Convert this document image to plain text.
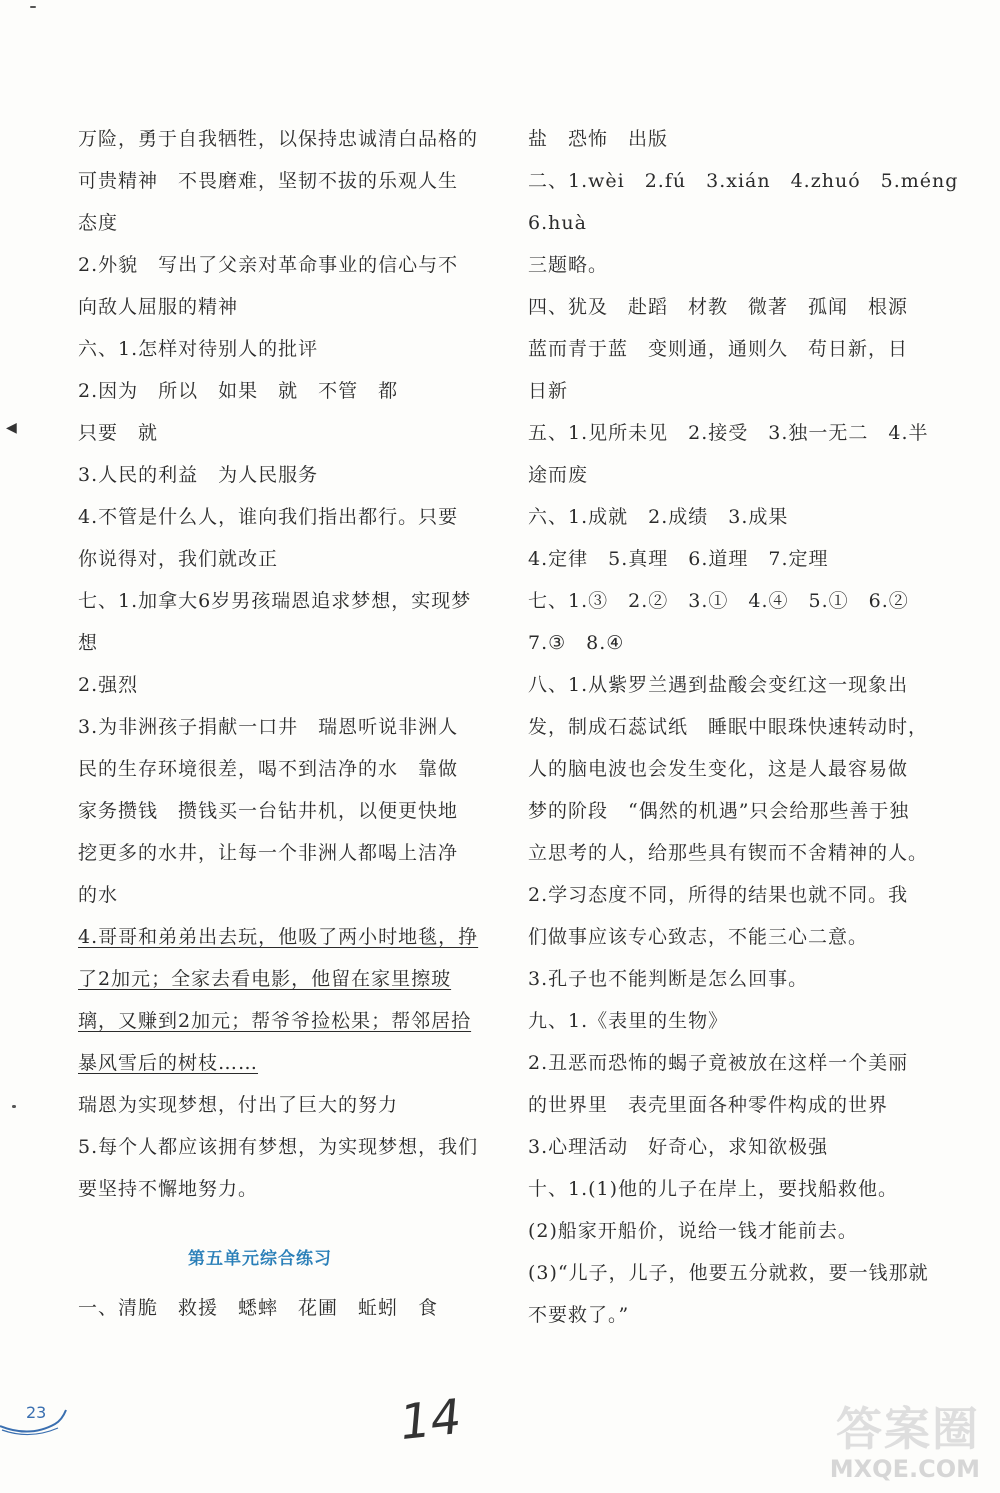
万险，勇于自我牺牲，以保持忠诚清白品格的
可贵精神　不畏磨难，坚韧不拔的乐观人生
态度
2.外貌　写出了父亲对革命事业的信心与不
向敌人屈服的精神
六、1.怎样对待别人的批评
2.因为　所以　如果　就　不管　都
只要　就
3.人民的利益　为人民服务
4.不管是什么人，谁向我们指出都行。只要
你说得对，我们就改正
七、1.加拿大6岁男孩瑞恩追求梦想，实现梦
想
2.强烈
3.为非洲孩子捐献一口井　瑞恩听说非洲人
民的生存环境很差，喝不到洁净的水　靠做
家务攒钱　攒钱买一台钻井机，以便更快地
挖更多的水井，让每一个非洲人都喝上洁净
的水
4.哥哥和弟弟出去玩，他吸了两小时地毯，挣
了2加元；全家去看电影，他留在家里擦玻
璃，又赚到2加元；帮爷爷捡松果；帮邻居拾
暴风雪后的树枝……
瑞恩为实现梦想，付出了巨大的努力
5.每个人都应该拥有梦想，为实现梦想，我们
要坚持不懈地努力。
一、清脆　救援　蟋蟀　花圃　蚯蚓　食
盐　恐怖　出版
二、1.wèi　2.fú　3.xián　4.zhuó　5.méng
6.huà
三题略。
四、犹及　赴蹈　材教　微著　孤闻　根源
蓝而青于蓝　变则通，通则久　苟日新，日
日新
五、1.见所未见　2.接受　3.独一无二　4.半
途而废
六、1.成就　2.成绩　3.成果
4.定律　5.真理　6.道理　7.定理
七、1.③　2.②　3.①　4.④　5.①　6.②
7.③　8.④
八、1.从紫罗兰遇到盐酸会变红这一现象出
发，制成石蕊试纸　睡眠中眼珠快速转动时，
人的脑电波也会发生变化，这是人最容易做
梦的阶段　“偶然的机遇”只会给那些善于独
立思考的人，给那些具有锲而不舍精神的人。
2.学习态度不同，所得的结果也就不同。我
们做事应该专心致志，不能三心二意。
3.孔子也不能判断是怎么回事。
九、1.《表里的生物》
2.丑恶而恐怖的蝎子竟被放在这样一个美丽
的世界里　表壳里面各种零件构成的世界
3.心理活动　好奇心，求知欲极强
十、1.(1)他的儿子在岸上，要找船救他。
(2)船家开船价，说给一钱才能前去。
(3)“儿子，儿子，他要五分就救，要一钱那就
不要救了。”
第五单元综合练习
◀
23	14	答案圈
MXQE.COM
